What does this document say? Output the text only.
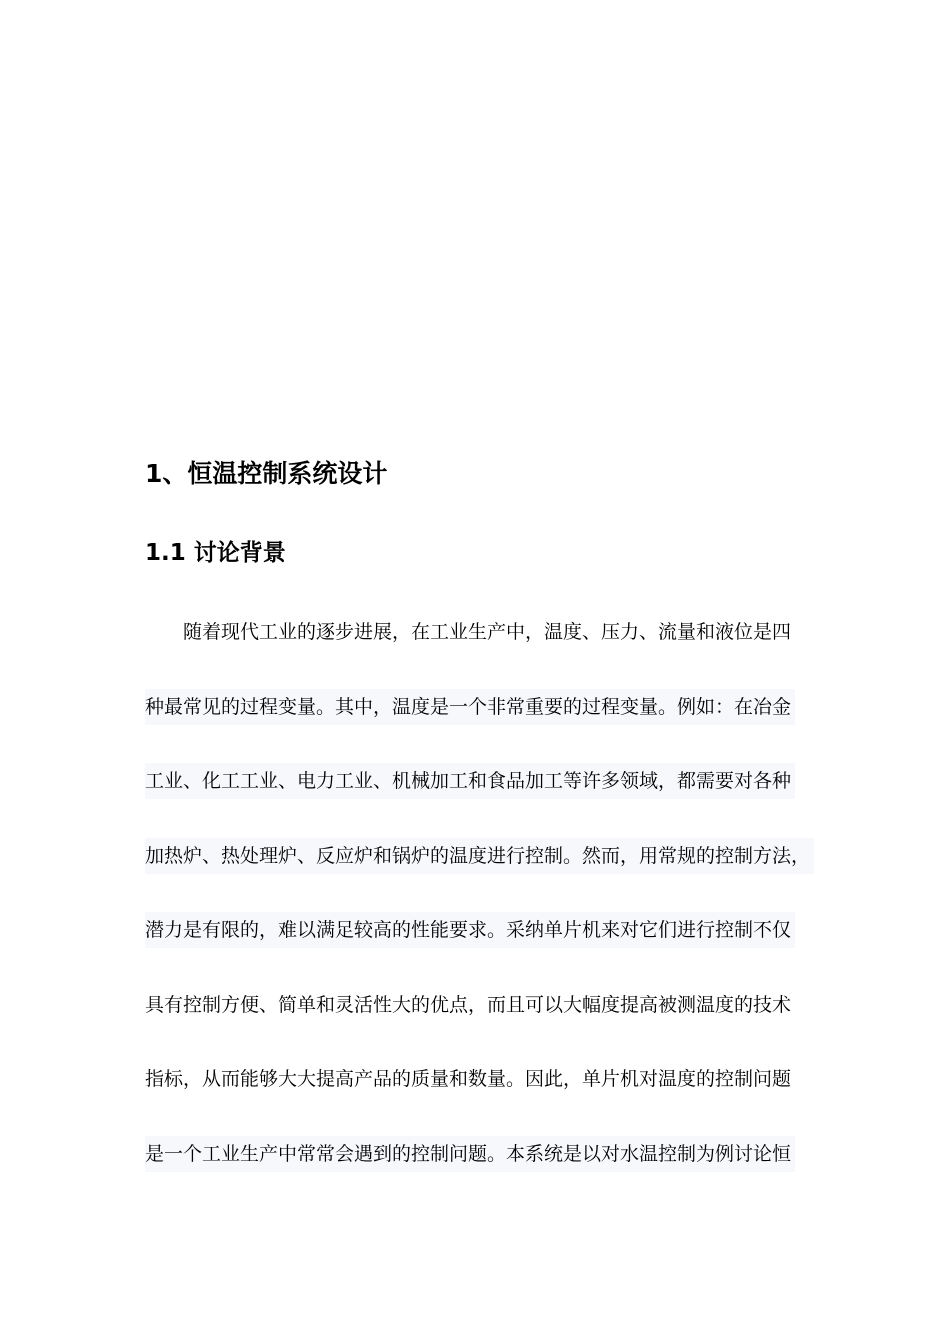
1、恒温控制系统设计
1.1 讨论背景
随着现代工业的逐步进展，在工业生产中，温度、压力、流量和液位是四
种最常见的过程变量。其中，温度是一个非常重要的过程变量。例如：在冶金
工业、化工工业、电力工业、机械加工和食品加工等许多领域，都需要对各种
加热炉、热处理炉、反应炉和锅炉的温度进行控制。然而，用常规的控制方法，
潜力是有限的，难以满足较高的性能要求。采纳单片机来对它们进行控制不仅
具有控制方便、简单和灵活性大的优点，而且可以大幅度提高被测温度的技术
指标，从而能够大大提高产品的质量和数量。因此，单片机对温度的控制问题
是一个工业生产中常常会遇到的控制问题。本系统是以对水温控制为例讨论恒
